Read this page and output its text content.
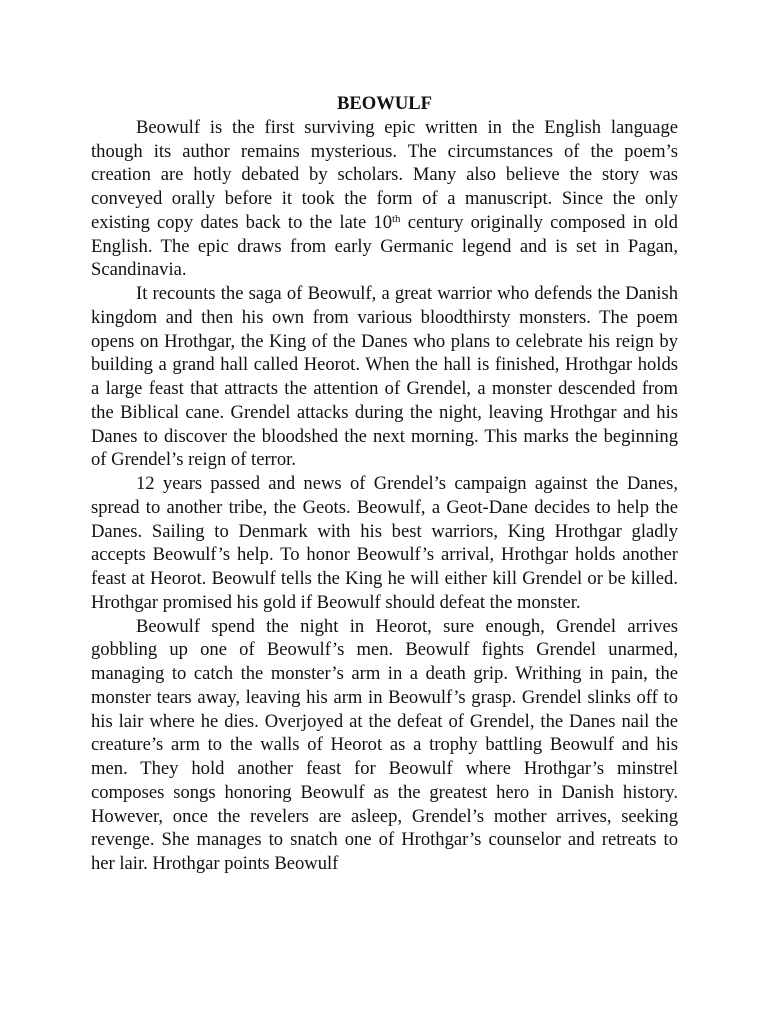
BEOWULF

Beowulf is the first surviving epic written in the English language though its author remains mysterious. The circumstances of the poem’s creation are hotly debated by scholars. Many also believe the story was conveyed orally before it took the form of a manuscript. Since the only existing copy dates back to the late 10th century originally composed in old English. The epic draws from early Germanic legend and is set in Pagan, Scandinavia.

It recounts the saga of Beowulf, a great warrior who defends the Danish kingdom and then his own from various bloodthirsty monsters. The poem opens on Hrothgar, the King of the Danes who plans to celebrate his reign by building a grand hall called Heorot. When the hall is finished, Hrothgar holds a large feast that attracts the attention of Grendel, a monster descended from the Biblical cane. Grendel attacks during the night, leaving Hrothgar and his Danes to discover the bloodshed the next morning. This marks the beginning of Grendel’s reign of terror.

12 years passed and news of Grendel’s campaign against the Danes, spread to another tribe, the Geots. Beowulf, a Geot-Dane decides to help the Danes. Sailing to Denmark with his best warriors, King Hrothgar gladly accepts Beowulf’s help. To honor Beowulf’s arrival, Hrothgar holds another feast at Heorot. Beowulf tells the King he will either kill Grendel or be killed. Hrothgar promised his gold if Beowulf should defeat the monster.

Beowulf spend the night in Heorot, sure enough, Grendel arrives gobbling up one of Beowulf’s men. Beowulf fights Grendel unarmed, managing to catch the monster’s arm in a death grip. Writhing in pain, the monster tears away, leaving his arm in Beowulf’s grasp. Grendel slinks off to his lair where he dies. Overjoyed at the defeat of Grendel, the Danes nail the creature’s arm to the walls of Heorot as a trophy battling Beowulf and his men. They hold another feast for Beowulf where Hrothgar’s minstrel composes songs honoring Beowulf as the greatest hero in Danish history. However, once the revelers are asleep, Grendel’s mother arrives, seeking revenge. She manages to snatch one of Hrothgar’s counselor and retreats to her lair. Hrothgar points Beowulf
